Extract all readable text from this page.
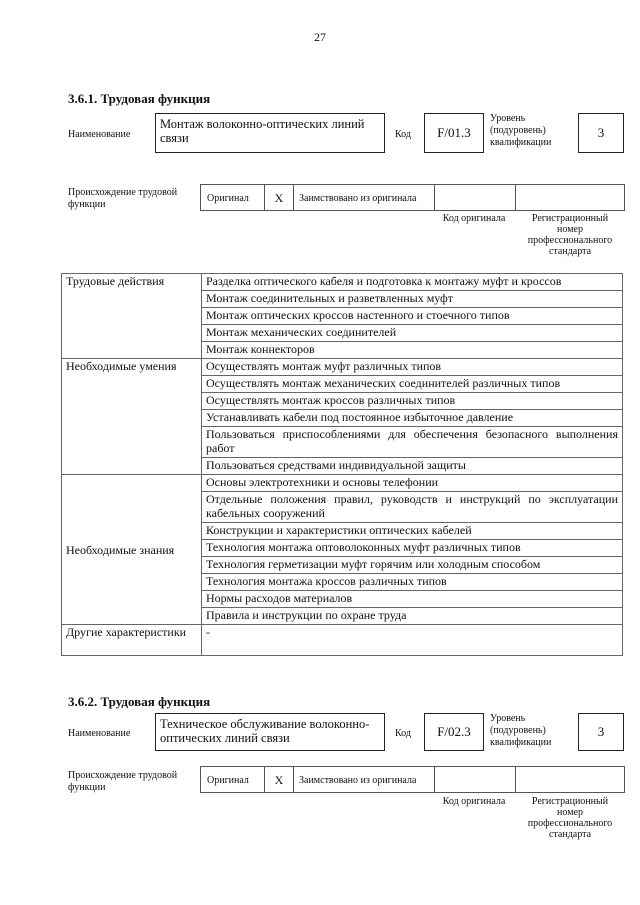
27
3.6.1. Трудовая функция
Наименование
Монтаж волоконно-оптических линий связи	Код	F/01.3
Уровень (подуровень) квалификации
3
Происхождение трудовой функции
Оригинал	X	Заимствовано из оригинала
Код оригинала	Регистрационный номер профессионального стандарта
Трудовые действия	Разделка оптического кабеля и подготовка к монтажу муфт и кроссов
	Монтаж соединительных и разветвленных муфт
	Монтаж оптических кроссов настенного и стоечного типов
	Монтаж механических соединителей
	Монтаж коннекторов
Необходимые умения	Осуществлять монтаж муфт различных типов
	Осуществлять монтаж механических соединителей различных типов
	Осуществлять монтаж кроссов различных типов
	Устанавливать кабели под постоянное избыточное давление
	Пользоваться приспособлениями для обеспечения безопасного выполнения работ
	Пользоваться средствами индивидуальной защиты
Необходимые знания	Основы электротехники и основы телефонии
	Отдельные положения правил, руководств и инструкций по эксплуатации кабельных сооружений
	Конструкции и характеристики оптических кабелей
	Технология монтажа оптоволоконных муфт различных типов
	Технология герметизации муфт горячим или холодным способом
	Технология монтажа кроссов различных типов
	Нормы расходов материалов
	Правила и инструкции по охране труда
Другие характеристики	-
3.6.2. Трудовая функция
Наименование
Техническое обслуживание волоконно-оптических линий связи	Код	F/02.3
Уровень (подуровень) квалификации
3
Происхождение трудовой функции
Оригинал	X	Заимствовано из оригинала
Код оригинала	Регистрационный номер профессионального стандарта
